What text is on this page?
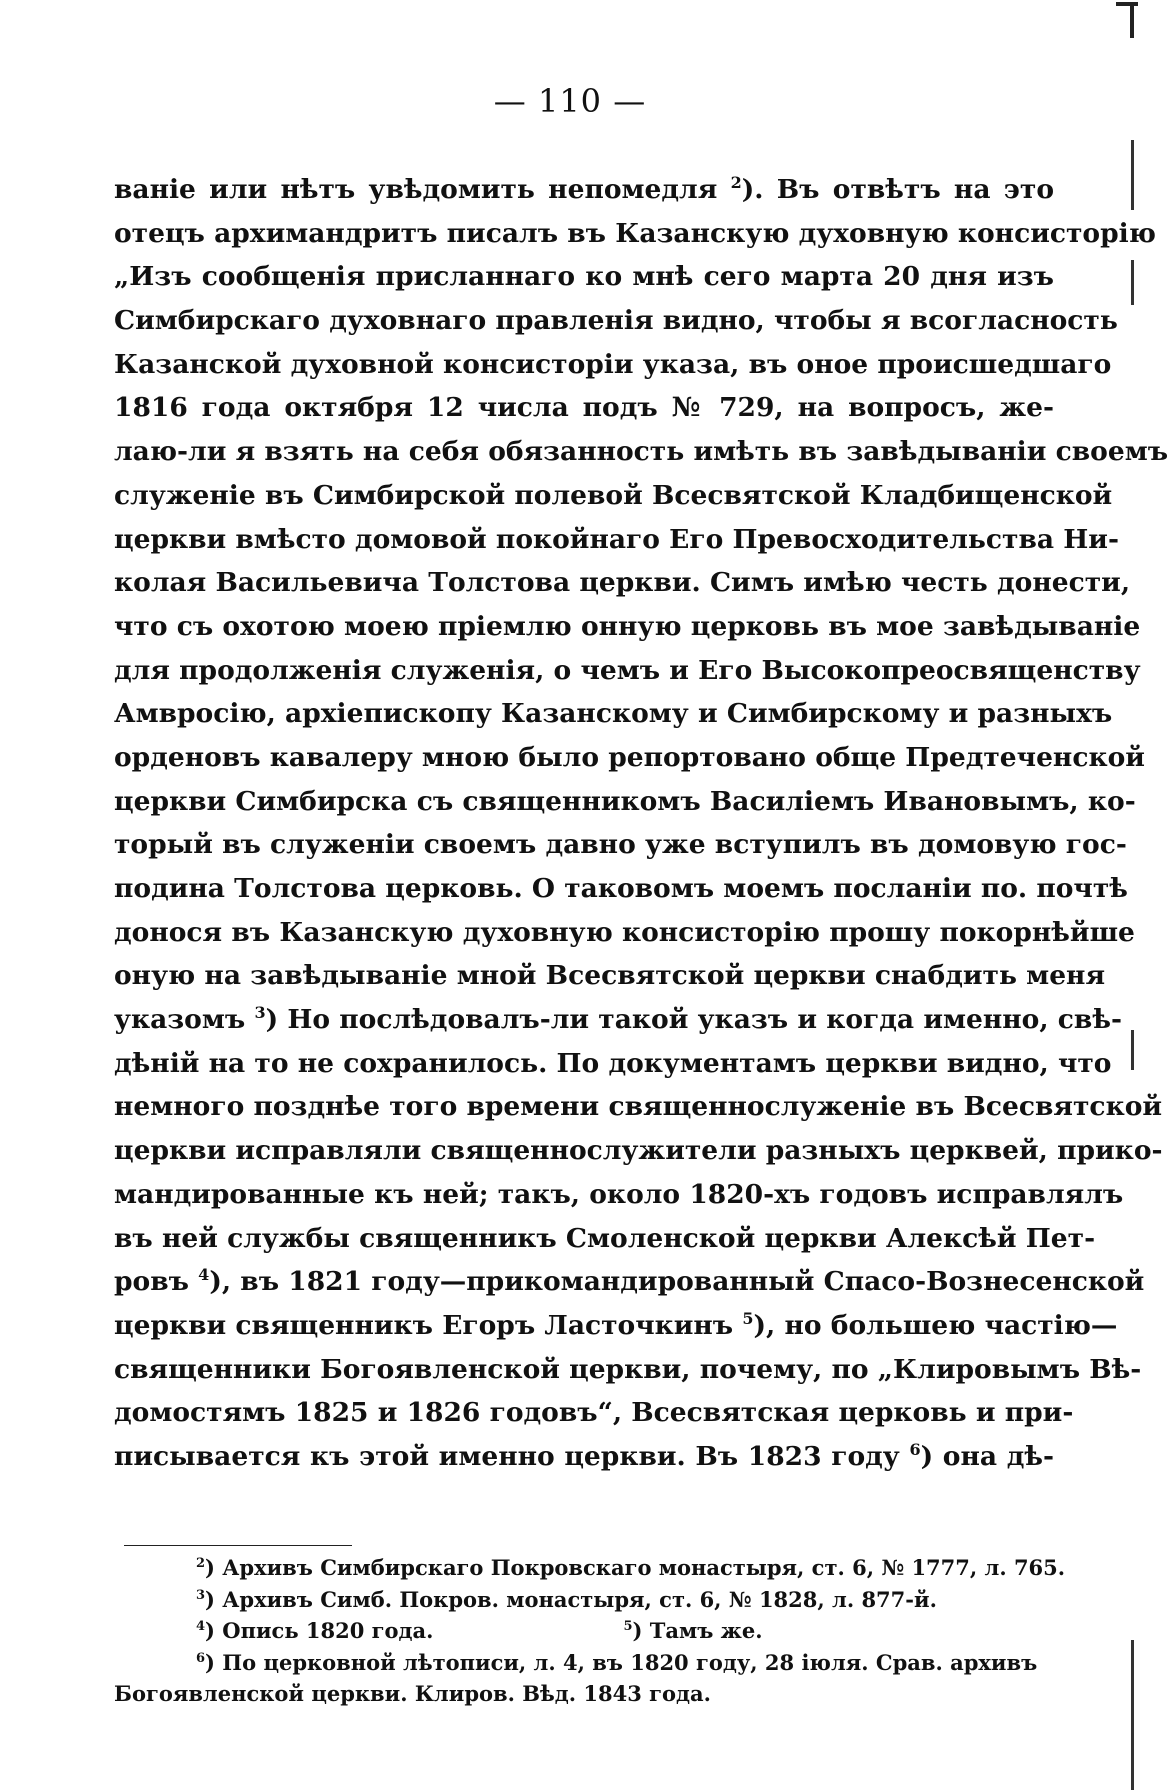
— 110 —
ваніе или нѣтъ увѣдомить непомедля $^2$). Въ отвѣтъ на это
отецъ архимандритъ писалъ въ Казанскую духовную консисторію
„Изъ сообщенія присланнаго ко мнѣ сего марта 20 дня изъ
Симбирскаго духовнаго правленія видно, чтобы я всогласность
Казанской духовной консисторіи указа, въ оное происшедшаго
1816 года октября 12 числа подъ № 729, на вопросъ, же-
лаю-ли я взять на себя обязанность имѣть въ завѣдываніи своемъ
служеніе въ Симбирской полевой Всесвятской Кладбищенской
церкви вмѣсто домовой покойнаго Его Превосходительства Ни-
колая Васильевича Толстова церкви. Симъ имѣю честь донести,
что съ охотою моею пріемлю онную церковь въ мое завѣдываніе
для продолженія служенія, о чемъ и Его Высокопреосвященству
Амвросію, архіепископу Казанскому и Симбирскому и разныхъ
орденовъ кавалеру мною было репортовано обще Предтеченской
церкви Симбирска съ священникомъ Василіемъ Ивановымъ, ко-
торый въ служеніи своемъ давно уже вступилъ въ домовую гос-
подина Толстова церковь. О таковомъ моемъ посланіи по. почтѣ
донося въ Казанскую духовную консисторію прошу покорнѣйше
оную на завѣдываніе мной Всесвятской церкви снабдить меня
указомъ $^3$) Но послѣдовалъ-ли такой указъ и когда именно, свѣ-
дѣній на то не сохранилось. По документамъ церкви видно, что
немного позднѣе того времени священнослуженіе въ Всесвятской
церкви исправляли священнослужители разныхъ церквей, прико-
мандированные къ ней; такъ, около 1820-хъ годовъ исправлялъ
въ ней службы священникъ Смоленской церкви Алексѣй Пет-
ровъ $^4$), въ 1821 году—прикомандированный Спасо-Вознесенской
церкви священникъ Егоръ Ласточкинъ $^5$), но большею частію—
священники Богоявленской церкви, почему, по „Клировымъ Вѣ-
домостямъ 1825 и 1826 годовъ“, Всесвятская церковь и при-
писывается къ этой именно церкви. Въ 1823 году $^6$) она дѣ-
$^2$) Архивъ Симбирскаго Покровскаго монастыря, ст. 6, № 1777, л. 765.
$^3$) Архивъ Симб. Покров. монастыря, ст. 6, № 1828, л. 877-й.
$^4$) Опись 1820 года.	$^5$) Тамъ же.
$^6$) По церковной лѣтописи, л. 4, въ 1820 году, 28 іюля. Срав. архивъ
Богоявленской церкви. Клиров. Вѣд. 1843 года.
